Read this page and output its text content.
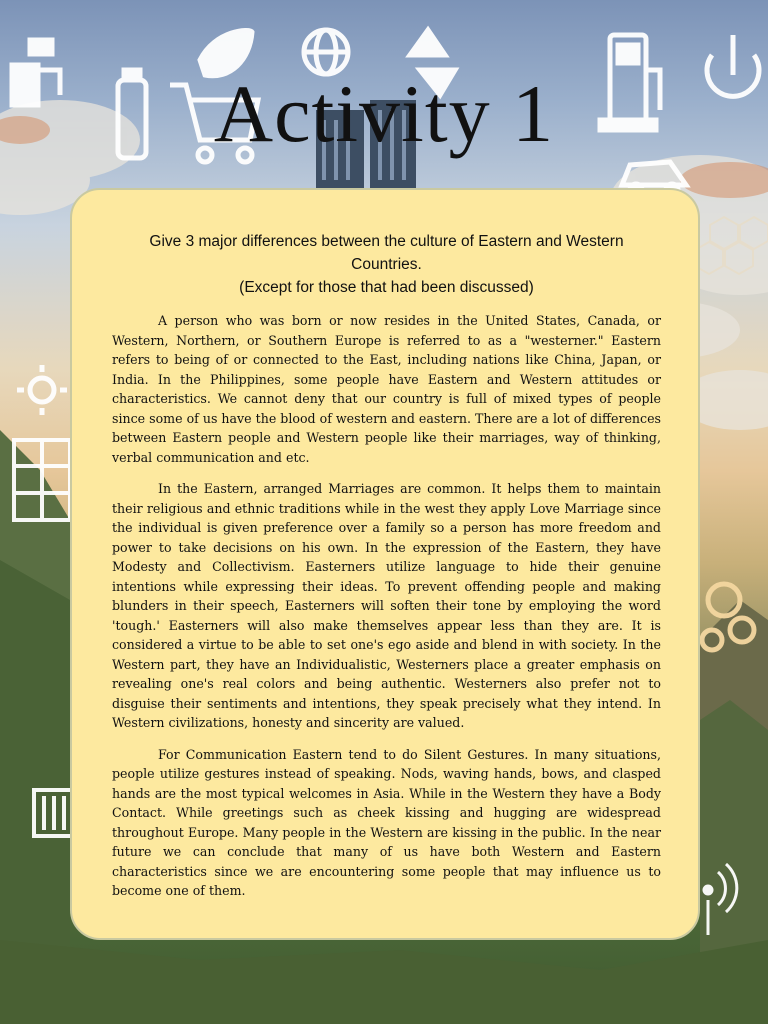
Activity 1
Give 3 major differences between the culture of Eastern and Western Countries.
(Except for those that had been discussed)

A person who was born or now resides in the United States, Canada, or Western, Northern, or Southern Europe is referred to as a "westerner." Eastern refers to being of or connected to the East, including nations like China, Japan, or India. In the Philippines, some people have Eastern and Western attitudes or characteristics. We cannot deny that our country is full of mixed types of people since some of us have the blood of western and eastern. There are a lot of differences between Eastern people and Western people like their marriages, way of thinking, verbal communication and etc.

In the Eastern, arranged Marriages are common. It helps them to maintain their religious and ethnic traditions while in the west they apply Love Marriage since the individual is given preference over a family so a person has more freedom and power to take decisions on his own. In the expression of the Eastern, they have Modesty and Collectivism. Easterners utilize language to hide their genuine intentions while expressing their ideas. To prevent offending people and making blunders in their speech, Easterners will soften their tone by employing the word 'tough.' Easterners will also make themselves appear less than they are. It is considered a virtue to be able to set one's ego aside and blend in with society. In the Western part, they have an Individualistic, Westerners place a greater emphasis on revealing one's real colors and being authentic. Westerners also prefer not to disguise their sentiments and intentions, they speak precisely what they intend. In Western civilizations, honesty and sincerity are valued.

For Communication Eastern tend to do Silent Gestures. In many situations, people utilize gestures instead of speaking. Nods, waving hands, bows, and clasped hands are the most typical welcomes in Asia. While in the Western they have a Body Contact. While greetings such as cheek kissing and hugging are widespread throughout Europe. Many people in the Western are kissing in the public. In the near future we can conclude that many of us have both Western and Eastern characteristics since we are encountering some people that may influence us to become one of them.
